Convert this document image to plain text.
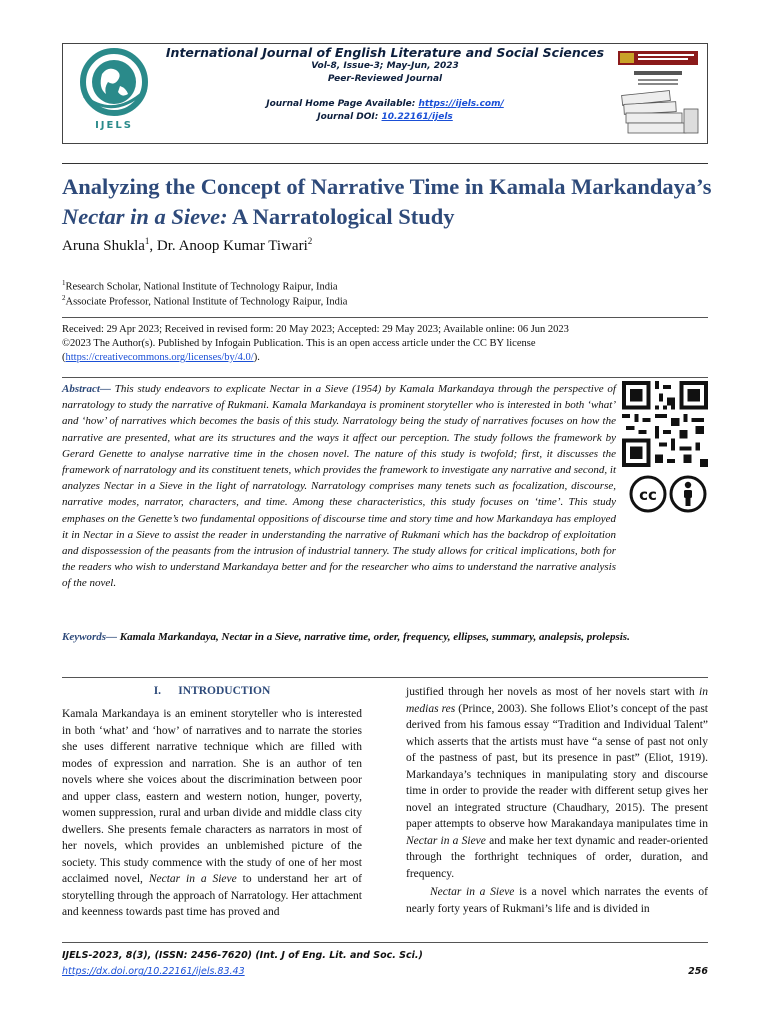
IJELS
International Journal of English Literature and Social Sciences
Vol-8, Issue-3; May-Jun, 2023
Peer-Reviewed Journal
Journal Home Page Available: https://ijels.com/
Journal DOI: 10.22161/ijels
Analyzing the Concept of Narrative Time in Kamala Markandaya’s Nectar in a Sieve: A Narratological Study
Aruna Shukla$^1$, Dr. Anoop Kumar Tiwari$^2$
$^1$Research Scholar, National Institute of Technology Raipur, India
$^2$Associate Professor, National Institute of Technology Raipur, India
Received: 29 Apr 2023; Received in revised form: 20 May 2023; Accepted: 29 May 2023; Available online: 06 Jun 2023
©2023 The Author(s). Published by Infogain Publication. This is an open access article under the CC BY license
(https://creativecommons.org/licenses/by/4.0/).
Abstract— This study endeavors to explicate Nectar in a Sieve (1954) by Kamala Markandaya through the perspective of narratology to study the narrative of Rukmani. Kamala Markandaya is prominent storyteller who is interested in both ‘what’ and ‘how’ of narratives which becomes the basis of this study. Narratology being the study of narratives focuses on how the narrative are presented, what are its structures and the ways it affect our perception. The study follows the framework by Gerard Genette to analyse narrative time in the chosen novel. The nature of this study is twofold; first, it discusses the framework of narratology and its constituent tenets, which provides the framework to investigate any narrative and second, it analyzes Nectar in a Sieve in the light of narratology. Narratology comprises many tenets such as focalization, discourse, narrative modes, narrator, characters, and time. Among these characteristics, this study focuses on ‘time’. This study emphases on the Genette’s two fundamental oppositions of discourse time and story time and how Markandaya has employed it in Nectar in a Sieve to assist the reader in understanding the narrative of Rukmani which has the backdrop of exploitation and dispossession of the peasants from the intrusion of industrial tannery. The study allows for critical implications, both for the readers who wish to understand Markandaya better and for the researcher who aims to understand the narrative analysis of the novel.
cc
Keywords— Kamala Markandaya, Nectar in a Sieve, narrative time, order, frequency, ellipses, summary, analepsis, prolepsis.
I.      INTRODUCTION

Kamala Markandaya is an eminent storyteller who is interested in both ‘what’ and ‘how’ of narratives and to narrate the stories she uses different narrative technique which are filled with modes of expression and narration. She is an author of ten novels where she voices about the discrimination between poor and upper class, eastern and western notion, hunger, poverty, women suppression, rural and urban divide and middle class city dwellers. She presents female characters as narrators in most of her novels, which provides an unblemished picture of the society. This study commence with the study of one of her most acclaimed novel, Nectar in a Sieve to understand her art of storytelling through the approach of Narratology. Her attachment and keenness towards past time has proved and

justified through her novels as most of her novels start with in medias res (Prince, 2003). She follows Eliot’s concept of the past derived from his famous essay “Tradition and Individual Talent” which asserts that the artists must have “a sense of past not only of the pastness of past, but its presence in past” (Eliot, 1919). Markandaya’s techniques in manipulating story and discourse time in order to provide the reader with different setup gives her novel an integrated structure (Chaudhary, 2015). The present paper attempts to observe how Marakandaya manipulates time in Nectar in a Sieve and make her text dynamic and reader-oriented through the forthright techniques of order, duration, and frequency.

Nectar in a Sieve is a novel which narrates the events of nearly forty years of Rukmani’s life and is divided in

IJELS-2023, 8(3), (ISSN: 2456-7620) (Int. J of Eng. Lit. and Soc. Sci.)
https://dx.doi.org/10.22161/ijels.83.43	256
